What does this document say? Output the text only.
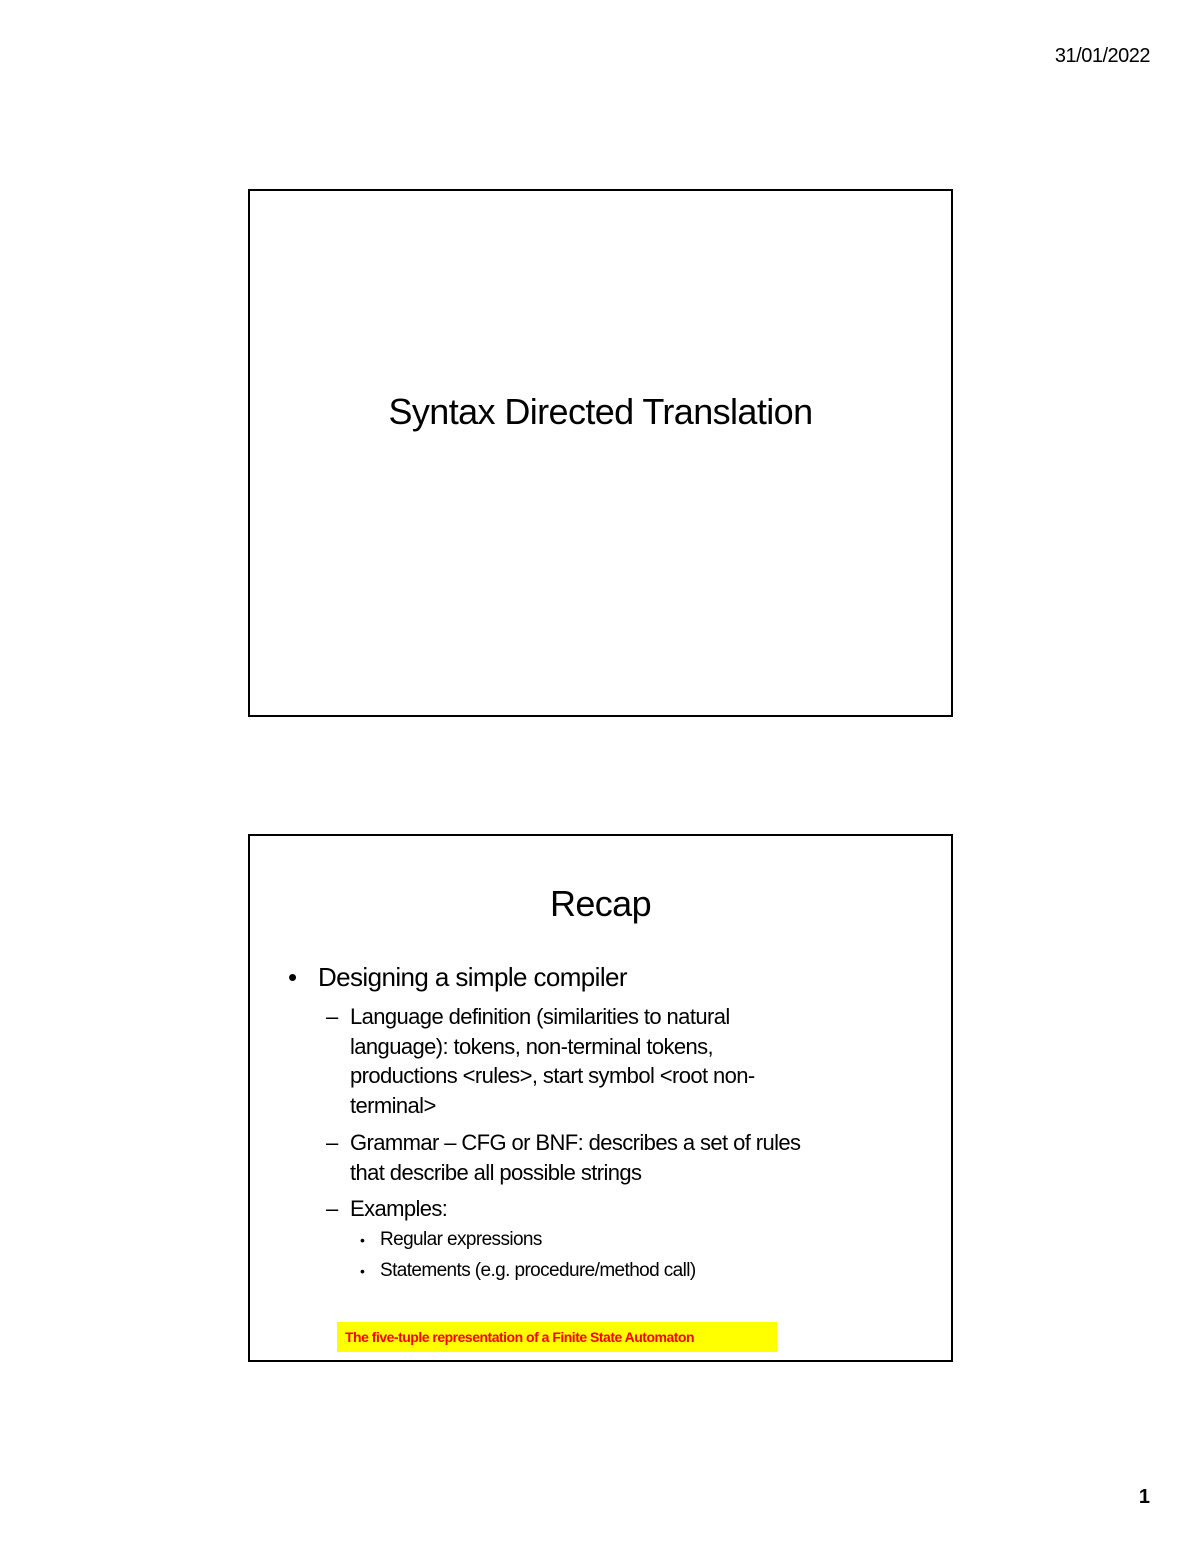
31/01/2022
Syntax Directed Translation
Recap
• Designing a simple compiler
– Language definition (similarities to natural
language): tokens, non-terminal tokens,
productions <rules>, start symbol <root non-
terminal>
– Grammar – CFG or BNF: describes a set of rules
that describe all possible strings
– Examples:
• Regular expressions
• Statements (e.g. procedure/method call)
The five-tuple representation of a Finite State Automaton
1
